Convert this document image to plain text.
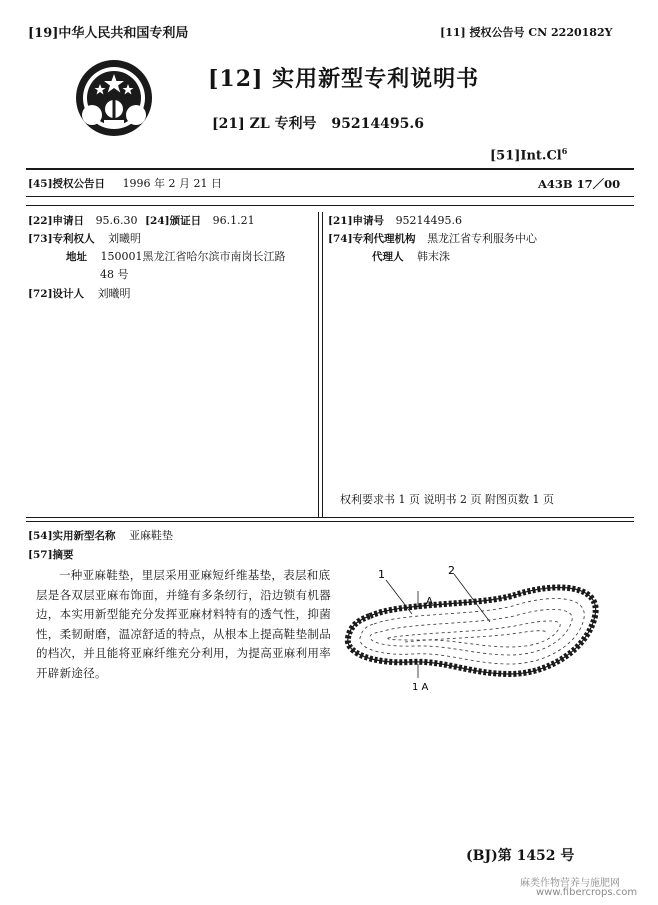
[19]中华人民共和国专利局	[11] 授权公告号 CN 2220182Y
[12] 实用新型专利说明书
[21] ZL 专利号 95214495.6
[51]Int.Cl$^6$
[45]授权公告日 1996 年 2 月 21 日	A43B 17／00
[22]申请日 95.6.30 [24]颁证日 96.1.21
[73]专利权人 刘曦明
地址 150001黑龙江省哈尔滨市南岗长江路
48 号
[72]设计人 刘曦明
[21]申请号 95214495.6
[74]专利代理机构 黑龙江省专利服务中心
代理人 韩末洙
权利要求书 1 页 说明书 2 页 附图页数 1 页
[54]实用新型名称 亚麻鞋垫
[57]摘要
一种亚麻鞋垫，里层采用亚麻短纤维基垫，表层和底层是各双层亚麻布饰面，并缝有多条纫行，沿边锁有机器边，本实用新型能充分发挥亚麻材料特有的透气性，抑菌性，柔韧耐磨，温凉舒适的特点，从根本上提高鞋垫制品的档次，并且能将亚麻纤维充分利用，为提高亚麻利用率开辟新途径。
1	2
A
1 A
(BJ)第 1452 号
麻类作物营养与施肥网
www.fibercrops.com
